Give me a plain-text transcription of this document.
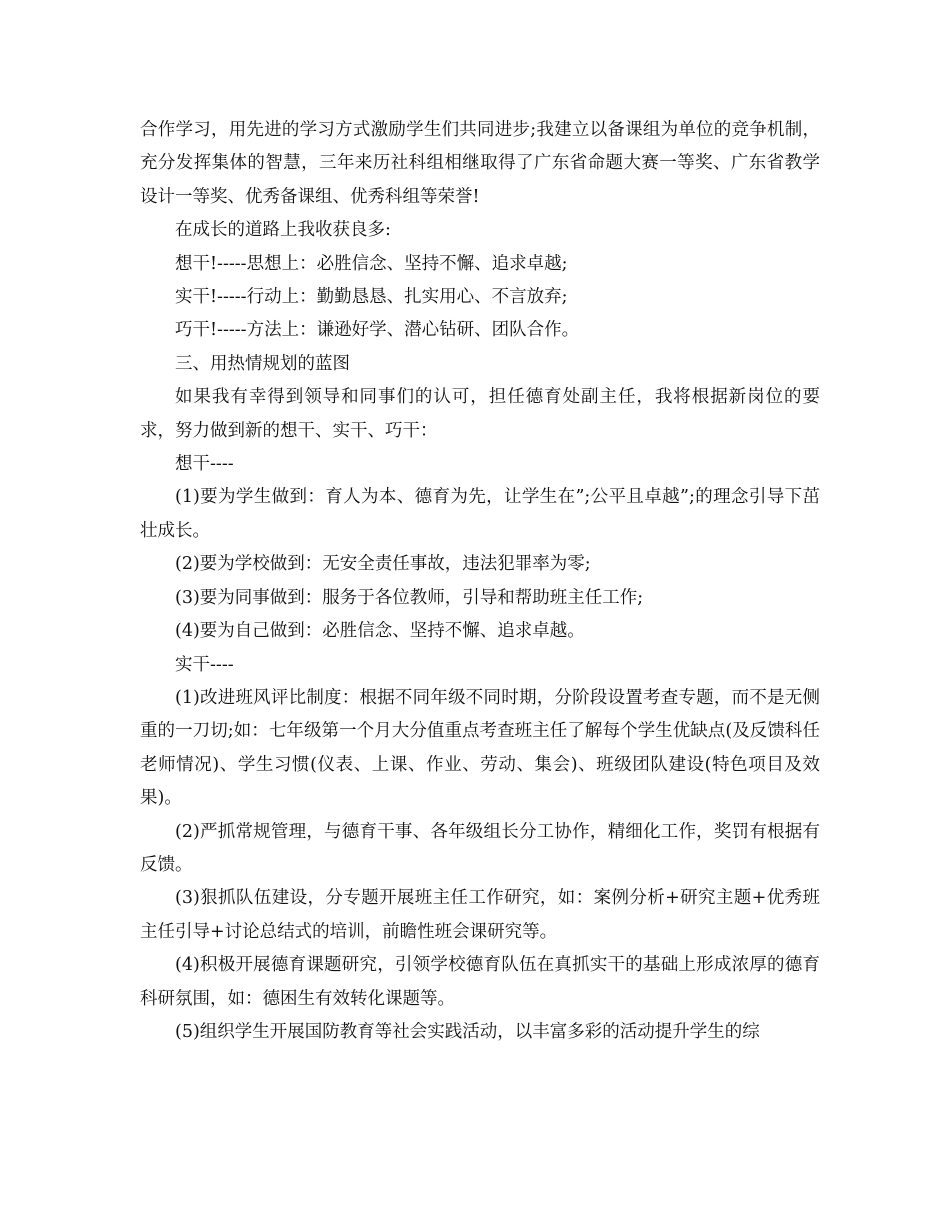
合作学习，用先进的学习方式激励学生们共同进步;我建立以备课组为单位的竞争机制，充分发挥集体的智慧，三年来历社科组相继取得了广东省命题大赛一等奖、广东省教学设计一等奖、优秀备课组、优秀科组等荣誉!

在成长的道路上我收获良多:

想干!-----思想上：必胜信念、坚持不懈、追求卓越;

实干!-----行动上：勤勤恳恳、扎实用心、不言放弃;

巧干!-----方法上：谦逊好学、潜心钻研、团队合作。

三、用热情规划的蓝图

如果我有幸得到领导和同事们的认可，担任德育处副主任，我将根据新岗位的要求，努力做到新的想干、实干、巧干：

想干----

(1)要为学生做到：育人为本、德育为先，让学生在”;公平且卓越”;的理念引导下茁壮成长。

(2)要为学校做到：无安全责任事故，违法犯罪率为零;

(3)要为同事做到：服务于各位教师，引导和帮助班主任工作;

(4)要为自己做到：必胜信念、坚持不懈、追求卓越。

实干----

(1)改进班风评比制度：根据不同年级不同时期，分阶段设置考查专题，而不是无侧重的一刀切;如：七年级第一个月大分值重点考查班主任了解每个学生优缺点(及反馈科任老师情况)、学生习惯(仪表、上课、作业、劳动、集会)、班级团队建设(特色项目及效果)。

(2)严抓常规管理，与德育干事、各年级组长分工协作，精细化工作，奖罚有根据有反馈。

(3)狠抓队伍建设，分专题开展班主任工作研究，如：案例分析+研究主题+优秀班主任引导+讨论总结式的培训，前瞻性班会课研究等。

(4)积极开展德育课题研究，引领学校德育队伍在真抓实干的基础上形成浓厚的德育科研氛围，如：德困生有效转化课题等。

(5)组织学生开展国防教育等社会实践活动，以丰富多彩的活动提升学生的综
